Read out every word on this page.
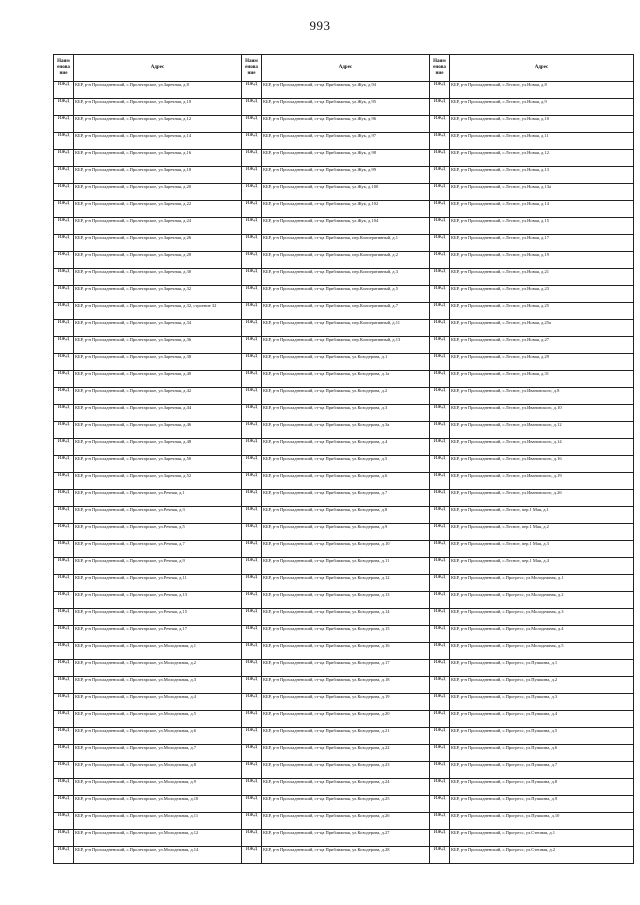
993
Наим енова ние	Адрес	Наим енова ние	Адрес	Наим енова ние	Адрес
ИЖД	КБР, р-н Прохладненский, с.Пролетарское, ул.Заречная, д.8	ИЖД	КБР, р-н Прохладненский, ст-ца Приближная, ул.Жук, д.94	ИЖД	КБР, р-н Прохладненский, с.Лесное, ул.Новая, д.8
ИЖД	КБР, р-н Прохладненский, с.Пролетарское, ул.Заречная, д.10	ИЖД	КБР, р-н Прохладненский, ст-ца Приближная, ул.Жук, д.95	ИЖД	КБР, р-н Прохладненский, с.Лесное, ул.Новая, д.9
ИЖД	КБР, р-н Прохладненский, с.Пролетарское, ул.Заречная, д.12	ИЖД	КБР, р-н Прохладненский, ст-ца Приближная, ул.Жук, д.96	ИЖД	КБР, р-н Прохладненский, с.Лесное, ул.Новая, д.10
ИЖД	КБР, р-н Прохладненский, с.Пролетарское, ул.Заречная, д.14	ИЖД	КБР, р-н Прохладненский, ст-ца Приближная, ул.Жук, д.97	ИЖД	КБР, р-н Прохладненский, с.Лесное, ул.Новая, д.11
ИЖД	КБР, р-н Прохладненский, с.Пролетарское, ул.Заречная, д.16	ИЖД	КБР, р-н Прохладненский, ст-ца Приближная, ул.Жук, д.98	ИЖД	КБР, р-н Прохладненский, с.Лесное, ул.Новая, д.12
ИЖД	КБР, р-н Прохладненский, с.Пролетарское, ул.Заречная, д.18	ИЖД	КБР, р-н Прохладненский, ст-ца Приближная, ул.Жук, д.99	ИЖД	КБР, р-н Прохладненский, с.Лесное, ул.Новая, д.13
ИЖД	КБР, р-н Прохладненский, с.Пролетарское, ул.Заречная, д.20	ИЖД	КБР, р-н Прохладненский, ст-ца Приближная, ул.Жук, д.100	ИЖД	КБР, р-н Прохладненский, с.Лесное, ул.Новая, д.13а
ИЖД	КБР, р-н Прохладненский, с.Пролетарское, ул.Заречная, д.22	ИЖД	КБР, р-н Прохладненский, ст-ца Приближная, ул.Жук, д.102	ИЖД	КБР, р-н Прохладненский, с.Лесное, ул.Новая, д.14
ИЖД	КБР, р-н Прохладненский, с.Пролетарское, ул.Заречная, д.24	ИЖД	КБР, р-н Прохладненский, ст-ца Приближная, ул.Жук, д.104	ИЖД	КБР, р-н Прохладненский, с.Лесное, ул.Новая, д.15
ИЖД	КБР, р-н Прохладненский, с.Пролетарское, ул.Заречная, д.26	ИЖД	КБР, р-н Прохладненский, ст-ца Приближная, пер.Кооперативный, д.1	ИЖД	КБР, р-н Прохладненский, с.Лесное, ул.Новая, д.17
ИЖД	КБР, р-н Прохладненский, с.Пролетарское, ул.Заречная, д.28	ИЖД	КБР, р-н Прохладненский, ст-ца Приближная, пер.Кооперативный, д.2	ИЖД	КБР, р-н Прохладненский, с.Лесное, ул.Новая, д.19
ИЖД	КБР, р-н Прохладненский, с.Пролетарское, ул.Заречная, д.30	ИЖД	КБР, р-н Прохладненский, ст-ца Приближная, пер.Кооперативный, д.3	ИЖД	КБР, р-н Прохладненский, с.Лесное, ул.Новая, д.21
ИЖД	КБР, р-н Прохладненский, с.Пролетарское, ул.Заречная, д.32	ИЖД	КБР, р-н Прохладненский, ст-ца Приближная, пер.Кооперативный, д.5	ИЖД	КБР, р-н Прохладненский, с.Лесное, ул.Новая, д.23
ИЖД	КБР, р-н Прохладненский, с.Пролетарское, ул.Заречная, д.32, строение 32	ИЖД	КБР, р-н Прохладненский, ст-ца Приближная, пер.Кооперативный, д.7	ИЖД	КБР, р-н Прохладненский, с.Лесное, ул.Новая, д.25
ИЖД	КБР, р-н Прохладненский, с.Пролетарское, ул.Заречная, д.34	ИЖД	КБР, р-н Прохладненский, ст-ца Приближная, пер.Кооперативный, д.11	ИЖД	КБР, р-н Прохладненский, с.Лесное, ул.Новая, д.25а
ИЖД	КБР, р-н Прохладненский, с.Пролетарское, ул.Заречная, д.36	ИЖД	КБР, р-н Прохладненский, ст-ца Приближная, пер.Кооперативный, д.13	ИЖД	КБР, р-н Прохладненский, с.Лесное, ул.Новая, д.27
ИЖД	КБР, р-н Прохладненский, с.Пролетарское, ул.Заречная, д.38	ИЖД	КБР, р-н Прохладненский, ст-ца Приближная, ул.Козодерова, д.1	ИЖД	КБР, р-н Прохладненский, с.Лесное, ул.Новая, д.29
ИЖД	КБР, р-н Прохладненский, с.Пролетарское, ул.Заречная, д.40	ИЖД	КБР, р-н Прохладненский, ст-ца Приближная, ул.Козодерова, д.1а	ИЖД	КБР, р-н Прохладненский, с.Лесное, ул.Новая, д.31
ИЖД	КБР, р-н Прохладненский, с.Пролетарское, ул.Заречная, д.42	ИЖД	КБР, р-н Прохладненский, ст-ца Приближная, ул.Козодерова, д.2	ИЖД	КБР, р-н Прохладненский, с.Лесное, ул.Ивановского, д.8
ИЖД	КБР, р-н Прохладненский, с.Пролетарское, ул.Заречная, д.44	ИЖД	КБР, р-н Прохладненский, ст-ца Приближная, ул.Козодерова, д.3	ИЖД	КБР, р-н Прохладненский, с.Лесное, ул.Ивановского, д.10
ИЖД	КБР, р-н Прохладненский, с.Пролетарское, ул.Заречная, д.46	ИЖД	КБР, р-н Прохладненский, ст-ца Приближная, ул.Козодерова, д.3а	ИЖД	КБР, р-н Прохладненский, с.Лесное, ул.Ивановского, д.12
ИЖД	КБР, р-н Прохладненский, с.Пролетарское, ул.Заречная, д.48	ИЖД	КБР, р-н Прохладненский, ст-ца Приближная, ул.Козодерова, д.4	ИЖД	КБР, р-н Прохладненский, с.Лесное, ул.Ивановского, д.14
ИЖД	КБР, р-н Прохладненский, с.Пролетарское, ул.Заречная, д.50	ИЖД	КБР, р-н Прохладненский, ст-ца Приближная, ул.Козодерова, д.5	ИЖД	КБР, р-н Прохладненский, с.Лесное, ул.Ивановского, д.16
ИЖД	КБР, р-н Прохладненский, с.Пролетарское, ул.Заречная, д.52	ИЖД	КБР, р-н Прохладненский, ст-ца Приближная, ул.Козодерова, д.6	ИЖД	КБР, р-н Прохладненский, с.Лесное, ул.Ивановского, д.19
ИЖД	КБР, р-н Прохладненский, с.Пролетарское, ул.Речная, д.1	ИЖД	КБР, р-н Прохладненский, ст-ца Приближная, ул.Козодерова, д.7	ИЖД	КБР, р-н Прохладненский, с.Лесное, ул.Ивановского, д.26
ИЖД	КБР, р-н Прохладненский, с.Пролетарское, ул.Речная, д.3	ИЖД	КБР, р-н Прохладненский, ст-ца Приближная, ул.Козодерова, д.8	ИЖД	КБР, р-н Прохладненский, с.Лесное, пер.1 Мая, д.1
ИЖД	КБР, р-н Прохладненский, с.Пролетарское, ул.Речная, д.5	ИЖД	КБР, р-н Прохладненский, ст-ца Приближная, ул.Козодерова, д.9	ИЖД	КБР, р-н Прохладненский, с.Лесное, пер.1 Мая, д.2
ИЖД	КБР, р-н Прохладненский, с.Пролетарское, ул.Речная, д.7	ИЖД	КБР, р-н Прохладненский, ст-ца Приближная, ул.Козодерова, д.10	ИЖД	КБР, р-н Прохладненский, с.Лесное, пер.1 Мая, д.3
ИЖД	КБР, р-н Прохладненский, с.Пролетарское, ул.Речная, д.9	ИЖД	КБР, р-н Прохладненский, ст-ца Приближная, ул.Козодерова, д.11	ИЖД	КБР, р-н Прохладненский, с.Лесное, пер.1 Мая, д.4
ИЖД	КБР, р-н Прохладненский, с.Пролетарское, ул.Речная, д.11	ИЖД	КБР, р-н Прохладненский, ст-ца Приближная, ул.Козодерова, д.12	ИЖД	КБР, р-н Прохладненский, с.Прогресс, ул.Молодежная, д.1
ИЖД	КБР, р-н Прохладненский, с.Пролетарское, ул.Речная, д.13	ИЖД	КБР, р-н Прохладненский, ст-ца Приближная, ул.Козодерова, д.13	ИЖД	КБР, р-н Прохладненский, с.Прогресс, ул.Молодежная, д.2
ИЖД	КБР, р-н Прохладненский, с.Пролетарское, ул.Речная, д.15	ИЖД	КБР, р-н Прохладненский, ст-ца Приближная, ул.Козодерова, д.14	ИЖД	КБР, р-н Прохладненский, с.Прогресс, ул.Молодежная, д.3
ИЖД	КБР, р-н Прохладненский, с.Пролетарское, ул.Речная, д.17	ИЖД	КБР, р-н Прохладненский, ст-ца Приближная, ул.Козодерова, д.15	ИЖД	КБР, р-н Прохладненский, с.Прогресс, ул.Молодежная, д.4
ИЖД	КБР, р-н Прохладненский, с.Пролетарское, ул.Молодежная, д.1	ИЖД	КБР, р-н Прохладненский, ст-ца Приближная, ул.Козодерова, д.16	ИЖД	КБР, р-н Прохладненский, с.Прогресс, ул.Молодежная, д.5
ИЖД	КБР, р-н Прохладненский, с.Пролетарское, ул.Молодежная, д.2	ИЖД	КБР, р-н Прохладненский, ст-ца Приближная, ул.Козодерова, д.17	ИЖД	КБР, р-н Прохладненский, с.Прогресс, ул.Пушкина, д.1
ИЖД	КБР, р-н Прохладненский, с.Пролетарское, ул.Молодежная, д.3	ИЖД	КБР, р-н Прохладненский, ст-ца Приближная, ул.Козодерова, д.18	ИЖД	КБР, р-н Прохладненский, с.Прогресс, ул.Пушкина, д.2
ИЖД	КБР, р-н Прохладненский, с.Пролетарское, ул.Молодежная, д.4	ИЖД	КБР, р-н Прохладненский, ст-ца Приближная, ул.Козодерова, д.19	ИЖД	КБР, р-н Прохладненский, с.Прогресс, ул.Пушкина, д.3
ИЖД	КБР, р-н Прохладненский, с.Пролетарское, ул.Молодежная, д.5	ИЖД	КБР, р-н Прохладненский, ст-ца Приближная, ул.Козодерова, д.20	ИЖД	КБР, р-н Прохладненский, с.Прогресс, ул.Пушкина, д.4
ИЖД	КБР, р-н Прохладненский, с.Пролетарское, ул.Молодежная, д.6	ИЖД	КБР, р-н Прохладненский, ст-ца Приближная, ул.Козодерова, д.21	ИЖД	КБР, р-н Прохладненский, с.Прогресс, ул.Пушкина, д.5
ИЖД	КБР, р-н Прохладненский, с.Пролетарское, ул.Молодежная, д.7	ИЖД	КБР, р-н Прохладненский, ст-ца Приближная, ул.Козодерова, д.22	ИЖД	КБР, р-н Прохладненский, с.Прогресс, ул.Пушкина, д.6
ИЖД	КБР, р-н Прохладненский, с.Пролетарское, ул.Молодежная, д.8	ИЖД	КБР, р-н Прохладненский, ст-ца Приближная, ул.Козодерова, д.23	ИЖД	КБР, р-н Прохладненский, с.Прогресс, ул.Пушкина, д.7
ИЖД	КБР, р-н Прохладненский, с.Пролетарское, ул.Молодежная, д.9	ИЖД	КБР, р-н Прохладненский, ст-ца Приближная, ул.Козодерова, д.24	ИЖД	КБР, р-н Прохладненский, с.Прогресс, ул.Пушкина, д.8
ИЖД	КБР, р-н Прохладненский, с.Пролетарское, ул.Молодежная, д.10	ИЖД	КБР, р-н Прохладненский, ст-ца Приближная, ул.Козодерова, д.25	ИЖД	КБР, р-н Прохладненский, с.Прогресс, ул.Пушкина, д.9
ИЖД	КБР, р-н Прохладненский, с.Пролетарское, ул.Молодежная, д.11	ИЖД	КБР, р-н Прохладненский, ст-ца Приближная, ул.Козодерова, д.26	ИЖД	КБР, р-н Прохладненский, с.Прогресс, ул.Пушкина, д.10
ИЖД	КБР, р-н Прохладненский, с.Пролетарское, ул.Молодежная, д.12	ИЖД	КБР, р-н Прохладненский, ст-ца Приближная, ул.Козодерова, д.27	ИЖД	КБР, р-н Прохладненский, с.Прогресс, ул.Степная, д.1
ИЖД	КБР, р-н Прохладненский, с.Пролетарское, ул.Молодежная, д.14	ИЖД	КБР, р-н Прохладненский, ст-ца Приближная, ул.Козодерова, д.28	ИЖД	КБР, р-н Прохладненский, с.Прогресс, ул.Степная, д.2
